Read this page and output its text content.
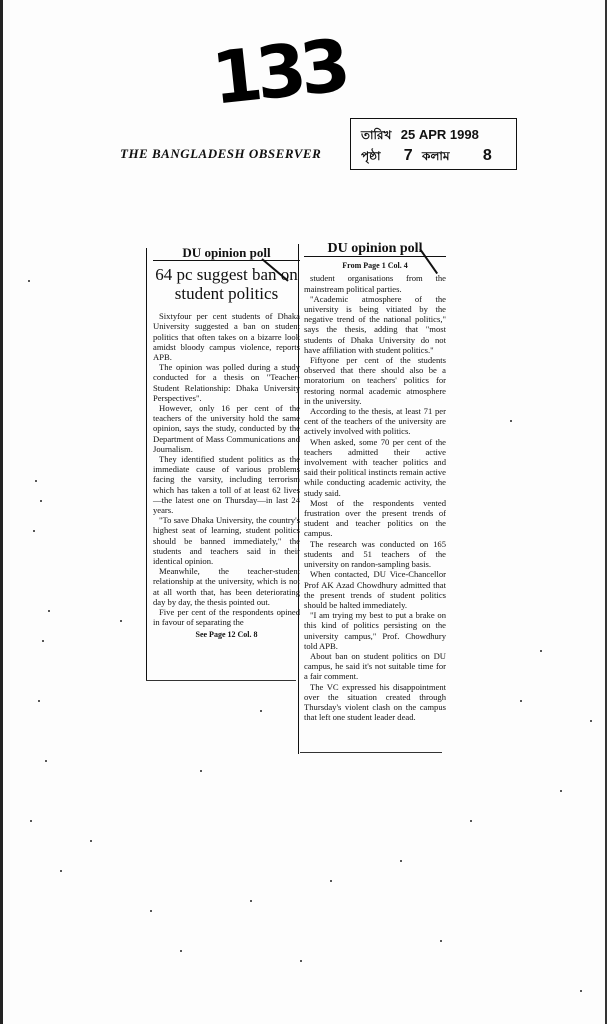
133
THE BANGLADESH OBSERVER
তারিখ 25 APR 1998
পৃষ্ঠা 7 কলাম 8
DU opinion poll
64 pc suggest ban on student politics

Sixtyfour per cent students of Dhaka University suggested a ban on student politics that often takes on a bizarre look amidst bloody campus violence, reports APB.

The opinion was polled during a study conducted for a thesis on "Teacher-Student Relationship: Dhaka University Perspectives".

However, only 16 per cent of the teachers of the university hold the same opinion, says the study, conducted by the Department of Mass Communications and Journalism.

They identified student politics as the immediate cause of various problems facing the varsity, including terrorism which has taken a toll of at least 62 lives—the latest one on Thursday—in last 24 years.

"To save Dhaka University, the country's highest seat of learning, student politics should be banned immediately," the students and teachers said in their identical opinion.

Meanwhile, the teacher-student relationship at the university, which is not at all worth that, has been deteriorating day by day, the thesis pointed out.

Five per cent of the respondents opined in favour of separating the

See Page 12 Col. 8
DU opinion poll
From Page 1 Col. 4

student organisations from the mainstream political parties.

"Academic atmosphere of the university is being vitiated by the negative trend of the national politics," says the thesis, adding that "most students of Dhaka University do not have affiliation with student politics."

Fiftyone per cent of the students observed that there should also be a moratorium on teachers' politics for restoring normal academic atmosphere in the university.

According to the thesis, at least 71 per cent of the teachers of the university are actively involved with politics.

When asked, some 70 per cent of the teachers admitted their active involvement with teacher politics and said their political instincts remain active while conducting academic activity, the study said.

Most of the respondents vented frustration over the present trends of student and teacher politics on the campus.

The research was conducted on 165 students and 51 teachers of the university on randon-sampling basis.

When contacted, DU Vice-Chancellor Prof AK Azad Chowdhury admitted that the present trends of student politics should be halted immediately.

"I am trying my best to put a brake on this kind of politics persisting on the university campus," Prof. Chowdhury told APB.

About ban on student politics on DU campus, he said it's not suitable time for a fair comment.

The VC expressed his disappointment over the situation created through Thursday's violent clash on the campus that left one student leader dead.
